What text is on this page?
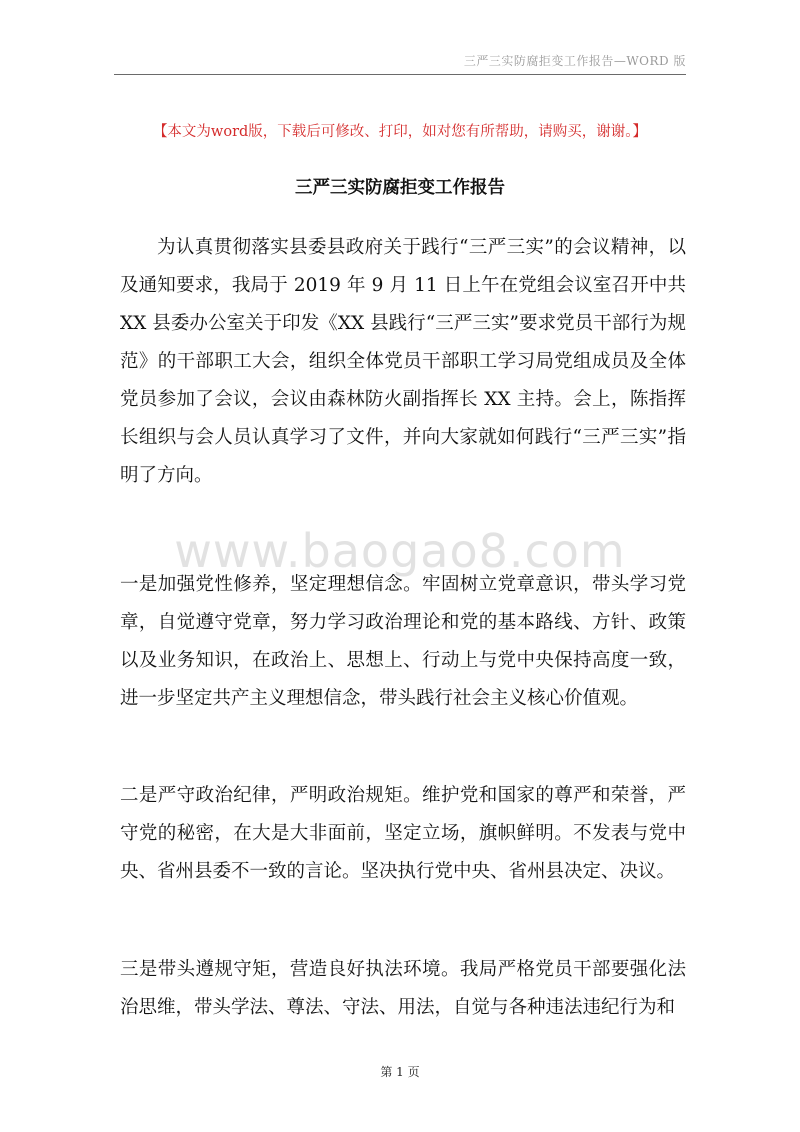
三严三实防腐拒变工作报告—WORD 版
【本文为word版，下载后可修改、打印，如对您有所帮助，请购买，谢谢。】
三严三实防腐拒变工作报告

为认真贯彻落实县委县政府关于践行“三严三实”的会议精神，以及通知要求，我局于 2019 年 9 月 11 日上午在党组会议室召开中共 XX 县委办公室关于印发《XX 县践行“三严三实”要求党员干部行为规范》的干部职工大会，组织全体党员干部职工学习局党组成员及全体党员参加了会议，会议由森林防火副指挥长 XX 主持。会上，陈指挥长组织与会人员认真学习了文件，并向大家就如何践行“三严三实”指明了方向。

www.baogao8.com

一是加强党性修养，坚定理想信念。牢固树立党章意识，带头学习党章，自觉遵守党章，努力学习政治理论和党的基本路线、方针、政策以及业务知识，在政治上、思想上、行动上与党中央保持高度一致，进一步坚定共产主义理想信念，带头践行社会主义核心价值观。

二是严守政治纪律，严明政治规矩。维护党和国家的尊严和荣誉，严守党的秘密，在大是大非面前，坚定立场，旗帜鲜明。不发表与党中央、省州县委不一致的言论。坚决执行党中央、省州县决定、决议。

三是带头遵规守矩，营造良好执法环境。我局严格党员干部要强化法治思维，带头学法、尊法、守法、用法，自觉与各种违法违纪行为和

第 1 页
